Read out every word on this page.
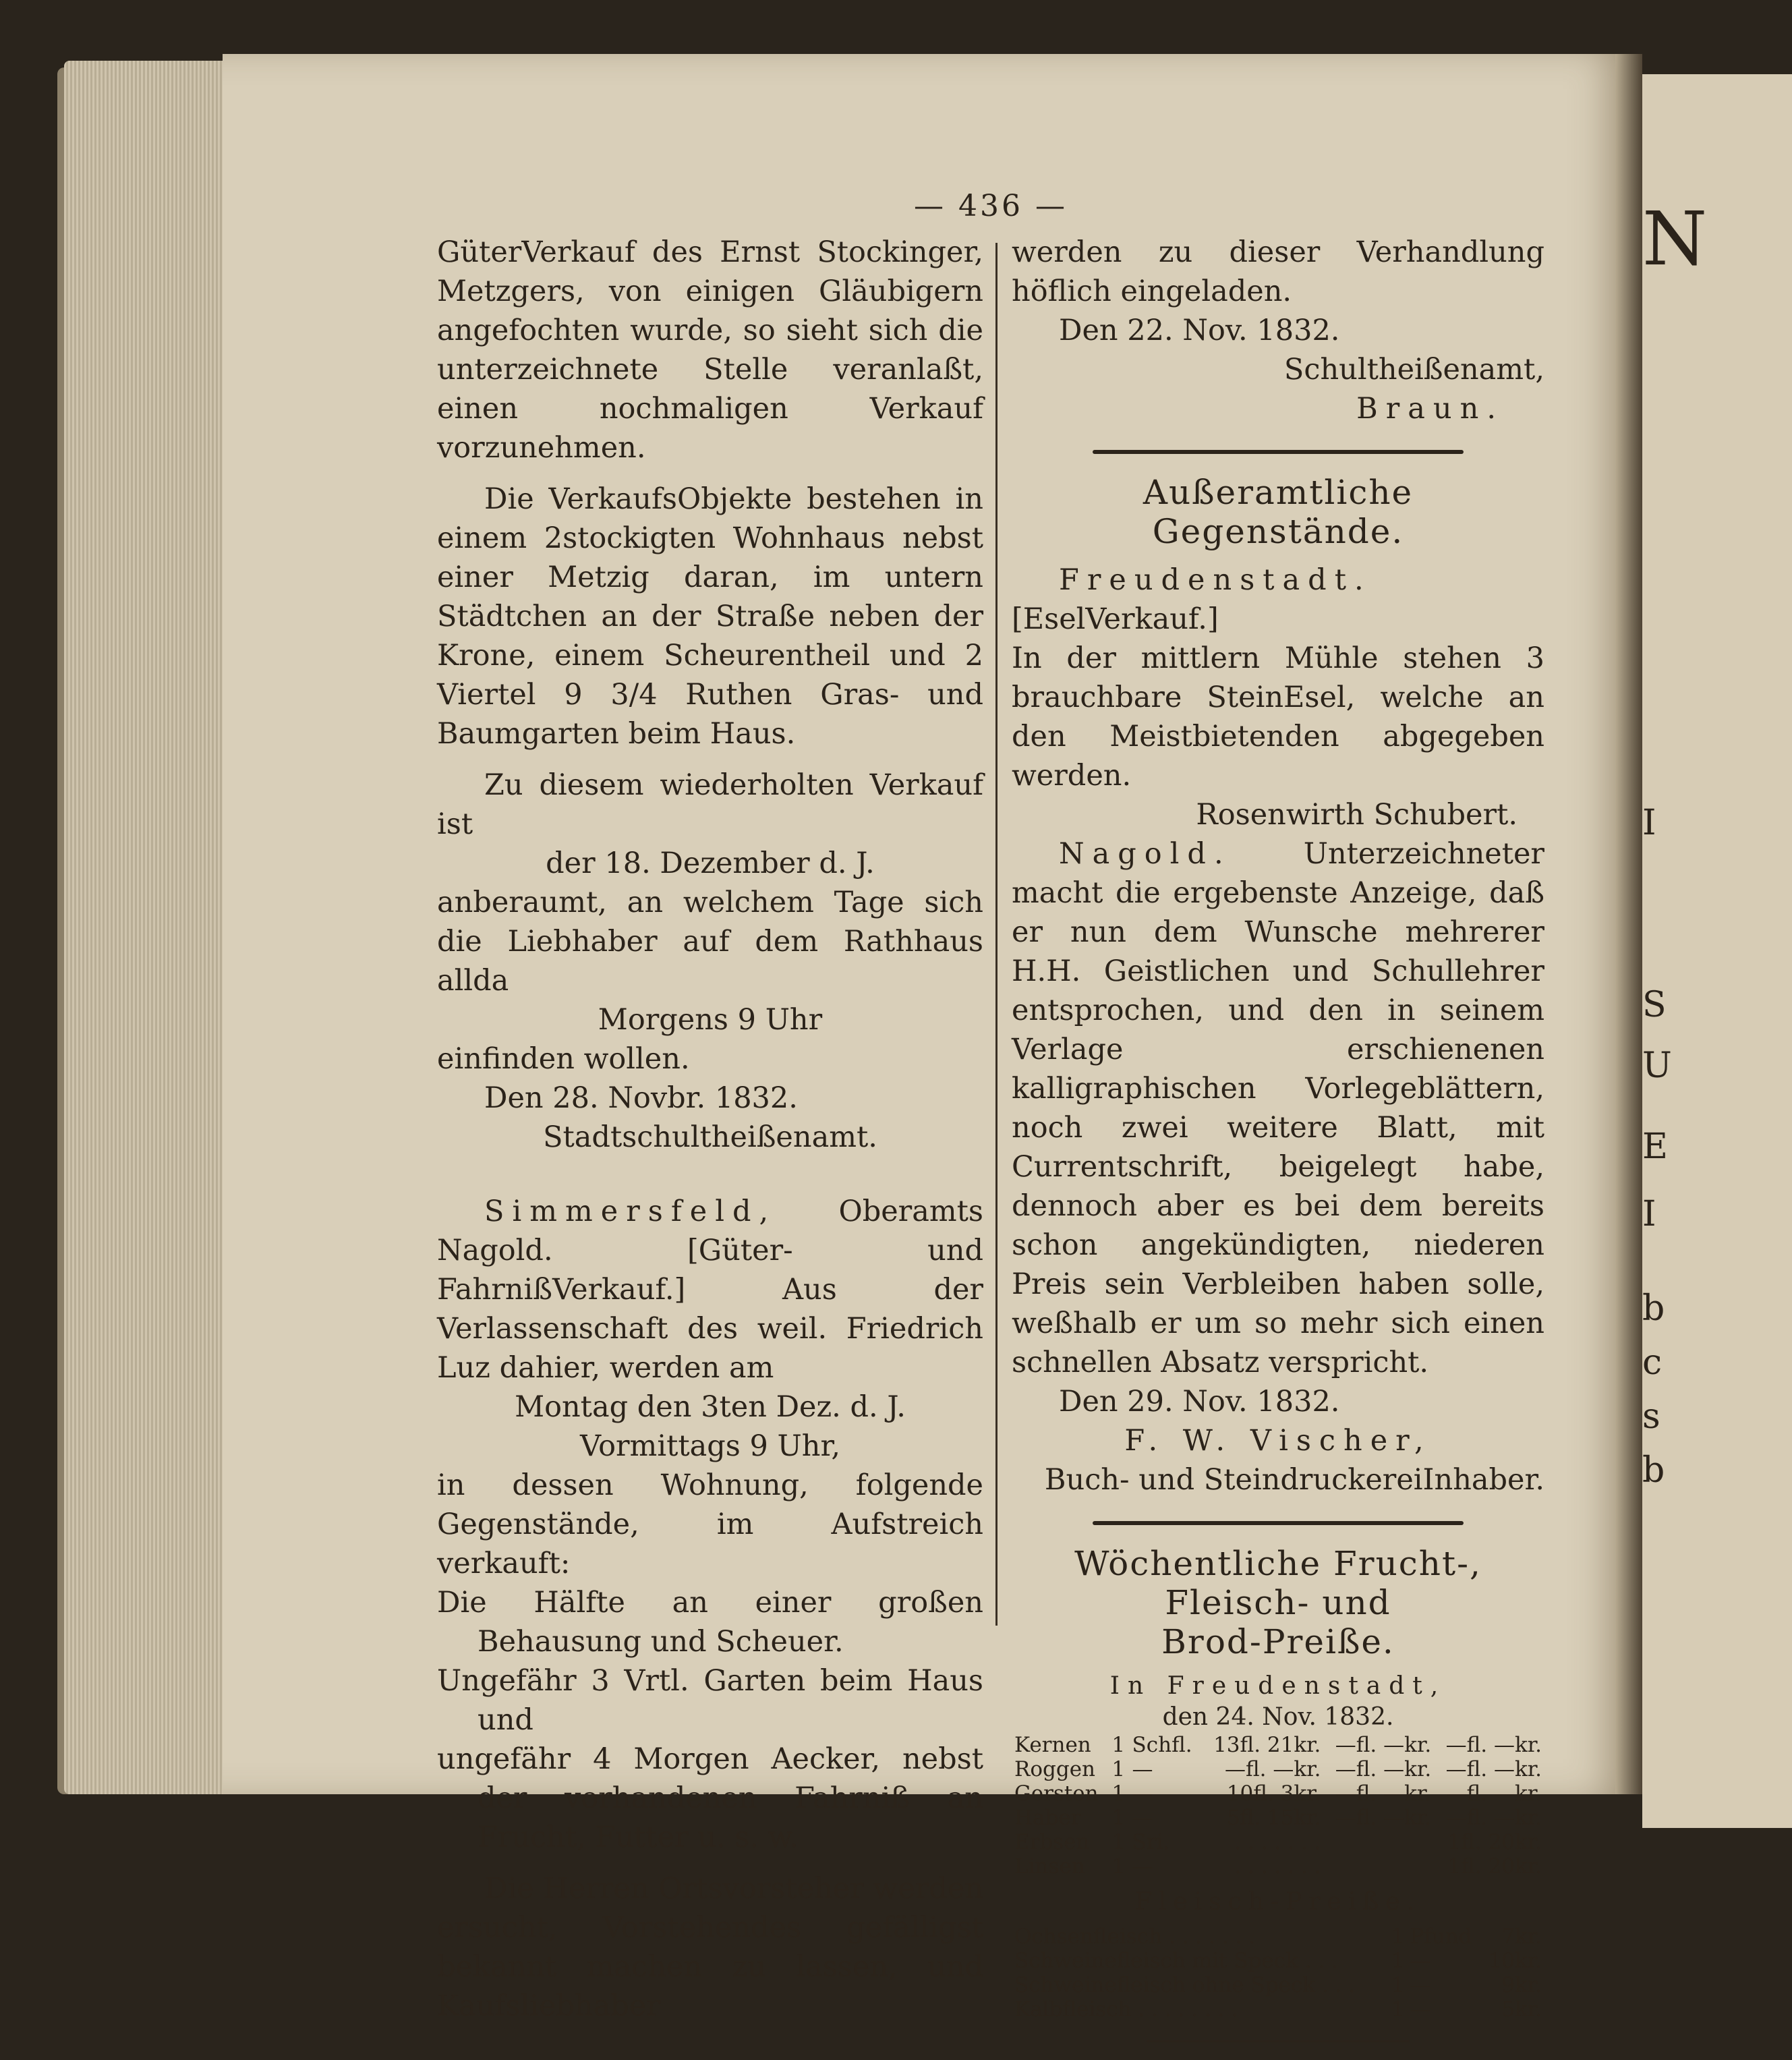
N
I
S
U
E
I
b
c
s
b
— 436 —

GüterVerkauf des Ernst Stockinger, Metzgers, von einigen Gläubigern angefochten wurde, so sieht sich die unterzeichnete Stelle veranlaßt, einen nochmaligen Verkauf vorzunehmen.

Die VerkaufsObjekte bestehen in einem 2stockigten Wohnhaus nebst einer Metzig daran, im untern Städtchen an der Straße neben der Krone, einem Scheurentheil und 2 Viertel 9 3/4 Ruthen Gras- und Baumgarten beim Haus.

Zu diesem wiederholten Verkauf ist

der 18. Dezember d. J.

anberaumt, an welchem Tage sich die Liebhaber auf dem Rathhaus allda

Morgens 9 Uhr

einfinden wollen.

Den 28. Novbr. 1832.

Stadtschultheißenamt.

Simmersfeld, Oberamts Nagold. [Güter- und FahrnißVerkauf.] Aus der Verlassenschaft des weil. Friedrich Luz dahier, werden am

Montag den 3ten Dez. d. J.

Vormittags 9 Uhr,

in dessen Wohnung, folgende Gegenstände, im Aufstreich verkauft:

Die Hälfte an einer großen Behausung und Scheuer.

Ungefähr 3 Vrtl. Garten beim Haus und

ungefähr 4 Morgen Aecker, nebst der vorhandenen Fahrniß an Frucht, Futter u. s. w.

Die Herren Ortsvorsteher werden ersucht, Vorstehendes gefälligst bekannt machen zu lassen, und Kaufsliebhaber

werden zu dieser Verhandlung höflich eingeladen.

Den 22. Nov. 1832.

Schultheißenamt,

Braun.

Außeramtliche Gegenstände.

Freudenstadt. [EselVerkauf.]

In der mittlern Mühle stehen 3 brauchbare SteinEsel, welche an den Meistbietenden abgegeben werden.

Rosenwirth Schubert.

Nagold. Unterzeichneter macht die ergebenste Anzeige, daß er nun dem Wunsche mehrerer H.H. Geistlichen und Schullehrer entsprochen, und den in seinem Verlage erschienenen kalligraphischen Vorlegeblättern, noch zwei weitere Blatt, mit Currentschrift, beigelegt habe, dennoch aber es bei dem bereits schon angekündigten, niederen Preis sein Verbleiben haben solle, weßhalb er um so mehr sich einen schnellen Absatz verspricht.

Den 29. Nov. 1832.

F. W. Vischer,

Buch- und SteindruckereiInhaber.

Wöchentliche Frucht-, Fleisch- und
Brod-Preiße.
In Freudenstadt,
den 24. Nov. 1832.
Kernen	1	Schfl.	13fl. 21kr.	—fl. —kr.	—fl. —kr.
Roggen	1	—	—fl. —kr.	—fl. —kr.	—fl. —kr.
Gersten	1	—	10fl. 3kr.	—fl. —kr.	—fl. —kr.
Haber	1	—	5fl. 15kr.	—fl. —kr.	—fl. —kr.
Erbsen	1	Sri.	. . . . . . .		1fl. 20kr.
Linsen	1	—	. . . . . . .		1fl. 20kr.
Fleisch-Preiße.
Ochsenfleisch . . . . . . .	1	Pfund	7kr.
Schweinefleisch mit Speck . . .	1	—	10kr.
Schweinefleisch ohne Speck . . .	1	—	9kr.
Kalbfleisch . . . . . . . .	1	—	5kr.
